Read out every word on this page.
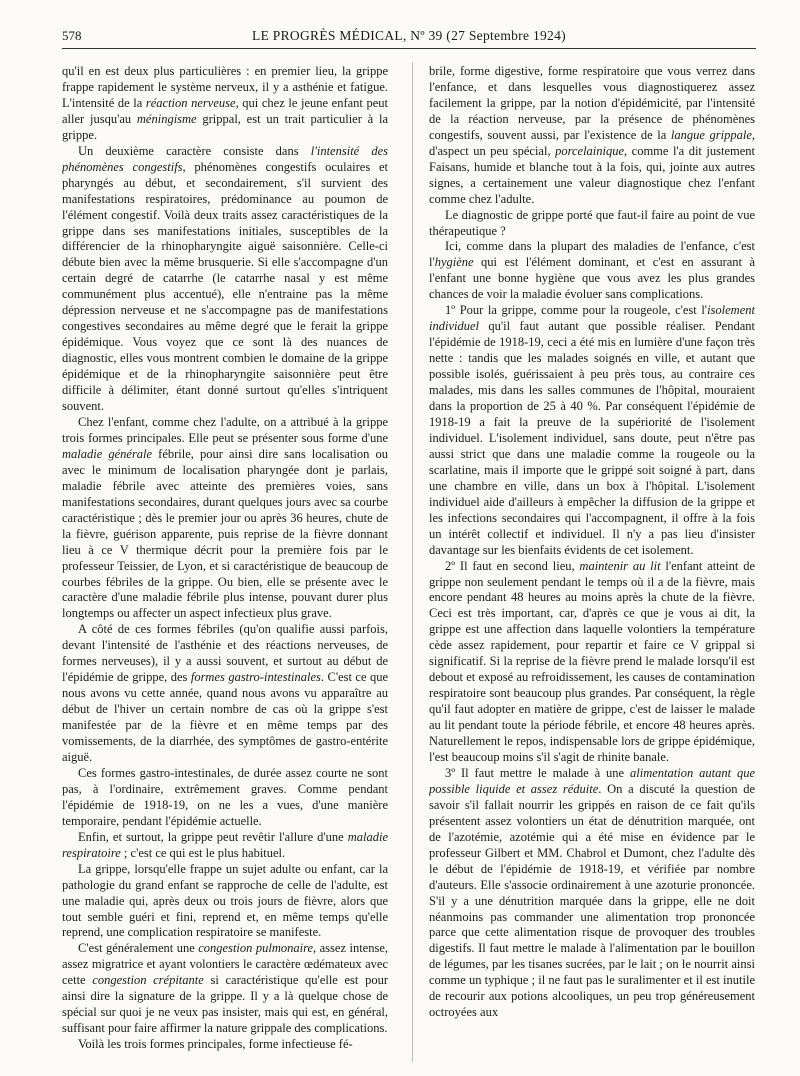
578	LE PROGRÈS MÉDICAL, Nº 39 (27 Septembre 1924)

qu'il en est deux plus particulières : en premier lieu, la grippe frappe rapidement le système nerveux, il y a asthénie et fatigue. L'intensité de la réaction nerveuse, qui chez le jeune enfant peut aller jusqu'au méningisme grippal, est un trait particulier à la grippe.

Un deuxième caractère consiste dans l'intensité des phénomènes congestifs, phénomènes congestifs oculaires et pharyngés au début, et secondairement, s'il survient des manifestations respiratoires, prédominance au poumon de l'élément congestif. Voilà deux traits assez caractéristiques de la grippe dans ses manifestations initiales, susceptibles de la différencier de la rhinopharyngite aiguë saisonnière. Celle-ci débute bien avec la même brusquerie. Si elle s'accompagne d'un certain degré de catarrhe (le catarrhe nasal y est même communément plus accentué), elle n'entraine pas la même dépression nerveuse et ne s'accompagne pas de manifestations congestives secondaires au même degré que le ferait la grippe épidémique. Vous voyez que ce sont là des nuances de diagnostic, elles vous montrent combien le domaine de la grippe épidémique et de la rhinopharyngite saisonnière peut être difficile à délimiter, étant donné surtout qu'elles s'intriquent souvent.

Chez l'enfant, comme chez l'adulte, on a attribué à la grippe trois formes principales. Elle peut se présenter sous forme d'une maladie générale fébrile, pour ainsi dire sans localisation ou avec le minimum de localisation pharyngée dont je parlais, maladie fébrile avec atteinte des premières voies, sans manifestations secondaires, durant quelques jours avec sa courbe caractéristique ; dès le premier jour ou après 36 heures, chute de la fièvre, guérison apparente, puis reprise de la fièvre donnant lieu à ce V thermique décrit pour la première fois par le professeur Teissier, de Lyon, et si caractéristique de beaucoup de courbes fébriles de la grippe. Ou bien, elle se présente avec le caractère d'une maladie fébrile plus intense, pouvant durer plus longtemps ou affecter un aspect infectieux plus grave.

A côté de ces formes fébriles (qu'on qualifie aussi parfois, devant l'intensité de l'asthénie et des réactions nerveuses, de formes nerveuses), il y a aussi souvent, et surtout au début de l'épidémie de grippe, des formes gastro-intestinales. C'est ce que nous avons vu cette année, quand nous avons vu apparaître au début de l'hiver un certain nombre de cas où la grippe s'est manifestée par de la fièvre et en même temps par des vomissements, de la diarrhée, des symptômes de gastro-entérite aiguë.

Ces formes gastro-intestinales, de durée assez courte ne sont pas, à l'ordinaire, extrêmement graves. Comme pendant l'épidémie de 1918-19, on ne les a vues, d'une manière temporaire, pendant l'épidémie actuelle.

Enfin, et surtout, la grippe peut revêtir l'allure d'une maladie respiratoire ; c'est ce qui est le plus habituel.

La grippe, lorsqu'elle frappe un sujet adulte ou enfant, car la pathologie du grand enfant se rapproche de celle de l'adulte, est une maladie qui, après deux ou trois jours de fièvre, alors que tout semble guéri et fini, reprend et, en même temps qu'elle reprend, une complication respiratoire se manifeste.

C'est généralement une congestion pulmonaire, assez intense, assez migratrice et ayant volontiers le caractère œdémateux avec cette congestion crépitante si caractéristique qu'elle est pour ainsi dire la signature de la grippe. Il y a là quelque chose de spécial sur quoi je ne veux pas insister, mais qui est, en général, suffisant pour faire affirmer la nature grippale des complications.

Voilà les trois formes principales, forme infectieuse fé-

brile, forme digestive, forme respiratoire que vous verrez dans l'enfance, et dans lesquelles vous diagnostiquerez assez facilement la grippe, par la notion d'épidémicité, par l'intensité de la réaction nerveuse, par la présence de phénomènes congestifs, souvent aussi, par l'existence de la langue grippale, d'aspect un peu spécial, porcelainique, comme l'a dit justement Faisans, humide et blanche tout à la fois, qui, jointe aux autres signes, a certainement une valeur diagnostique chez l'enfant comme chez l'adulte.

Le diagnostic de grippe porté que faut-il faire au point de vue thérapeutique ?

Ici, comme dans la plupart des maladies de l'enfance, c'est l'hygiène qui est l'élément dominant, et c'est en assurant à l'enfant une bonne hygiène que vous avez les plus grandes chances de voir la maladie évoluer sans complications.

1º Pour la grippe, comme pour la rougeole, c'est l'isolement individuel qu'il faut autant que possible réaliser. Pendant l'épidémie de 1918-19, ceci a été mis en lumière d'une façon très nette : tandis que les malades soignés en ville, et autant que possible isolés, guérissaient à peu près tous, au contraire ces malades, mis dans les salles communes de l'hôpital, mouraient dans la proportion de 25 à 40 %. Par conséquent l'épidémie de 1918-19 a fait la preuve de la supériorité de l'isolement individuel. L'isolement individuel, sans doute, peut n'être pas aussi strict que dans une maladie comme la rougeole ou la scarlatine, mais il importe que le grippé soit soigné à part, dans une chambre en ville, dans un box à l'hôpital. L'isolement individuel aide d'ailleurs à empêcher la diffusion de la grippe et les infections secondaires qui l'accompagnent, il offre à la fois un intérêt collectif et individuel. Il n'y a pas lieu d'insister davantage sur les bienfaits évidents de cet isolement.

2º Il faut en second lieu, maintenir au lit l'enfant atteint de grippe non seulement pendant le temps où il a de la fièvre, mais encore pendant 48 heures au moins après la chute de la fièvre. Ceci est très important, car, d'après ce que je vous ai dit, la grippe est une affection dans laquelle volontiers la température cède assez rapidement, pour repartir et faire ce V grippal si significatif. Si la reprise de la fièvre prend le malade lorsqu'il est debout et exposé au refroidissement, les causes de contamination respiratoire sont beaucoup plus grandes. Par conséquent, la règle qu'il faut adopter en matière de grippe, c'est de laisser le malade au lit pendant toute la période fébrile, et encore 48 heures après. Naturellement le repos, indispensable lors de grippe épidémique, l'est beaucoup moins s'il s'agit de rhinite banale.

3º Il faut mettre le malade à une alimentation autant que possible liquide et assez réduite. On a discuté la question de savoir s'il fallait nourrir les grippés en raison de ce fait qu'ils présentent assez volontiers un état de dénutrition marquée, ont de l'azotémie, azotémie qui a été mise en évidence par le professeur Gilbert et MM. Chabrol et Dumont, chez l'adulte dès le début de l'épidémie de 1918-19, et vérifiée par nombre d'auteurs. Elle s'associe ordinairement à une azoturie prononcée. S'il y a une dénutrition marquée dans la grippe, elle ne doit néanmoins pas commander une alimentation trop prononcée parce que cette alimentation risque de provoquer des troubles digestifs. Il faut mettre le malade à l'alimentation par le bouillon de légumes, par les tisanes sucrées, par le lait ; on le nourrit ainsi comme un typhique ; il ne faut pas le suralimenter et il est inutile de recourir aux potions alcooliques, un peu trop généreusement octroyées aux
